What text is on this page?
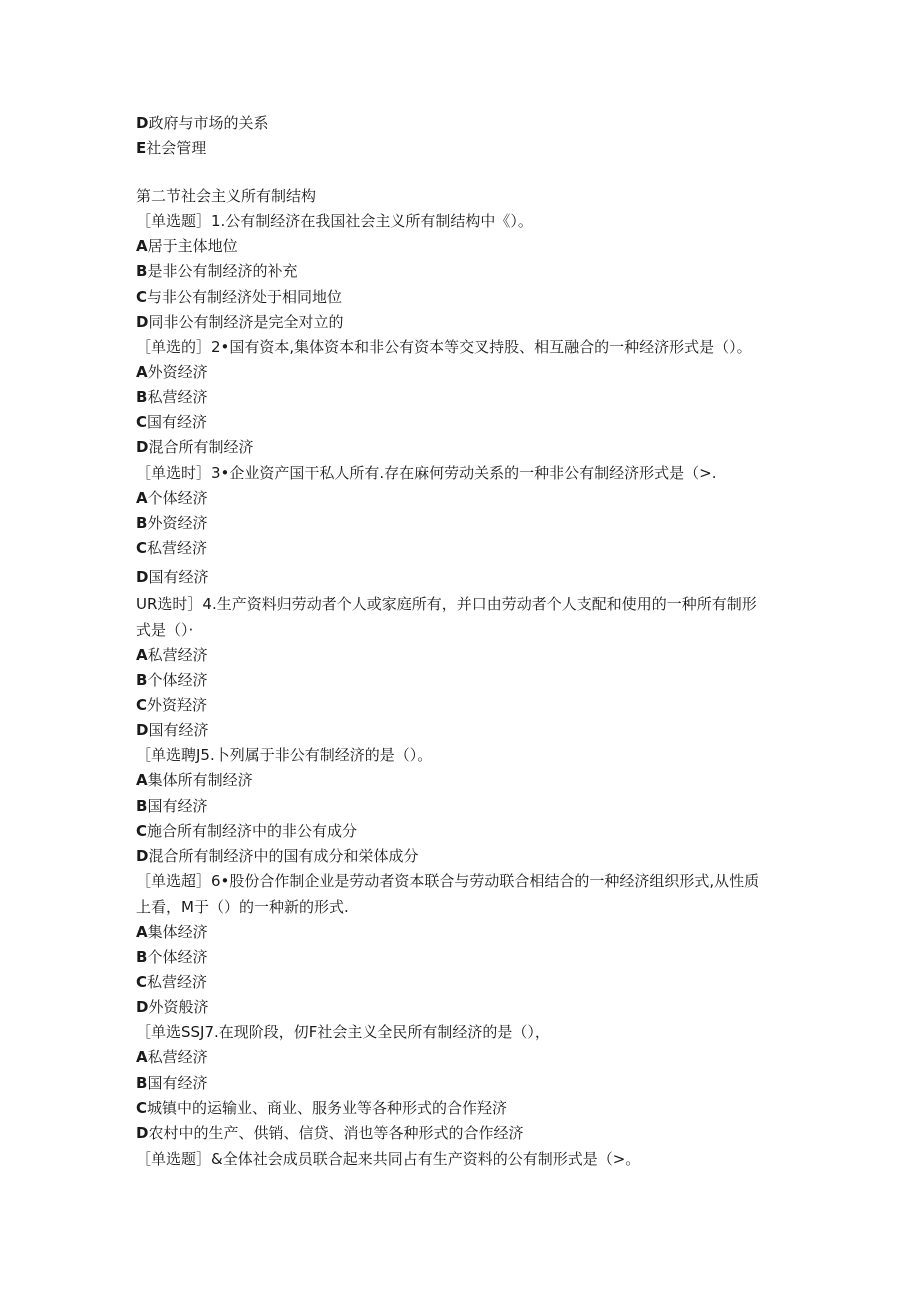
D政府与市场的关系
E社会管理
第二节社会主义所有制结构
［单选题］1.公有制经济在我国社会主义所有制结构中《）。
A居于主体地位
B是非公有制经济的补充
C与非公有制经济处于相同地位
D同非公有制经济是完全对立的
［单选的］2•国有资本,集体资本和非公有资本等交叉持股、相互融合的一种经济形式是（）。
A外资经济
B私营经济
C国有经济
D混合所有制经济
［单选时］3•企业资产国干私人所有.存在麻何劳动关系的一种非公有制经济形式是（>.
A个体经济
B外资经济
C私营经济
D国有经济
UR选时］4.生产资料归劳动者个人或家庭所有，并口由劳动者个人支配和使用的一种所有制形
式是（）·
A私营经济
B个体经济
C外资羟济
D国有经济
［单选聘J5.卜列属于非公有制经济的是（）。
A集体所有制经济
B国有经济
C施合所有制经济中的非公有成分
D混合所有制经济中的国有成分和栄体成分
［单选超］6•股份合作制企业是劳动者资本联合与劳动联合相结合的一种经济组织形式,从性质
上看，M于（）的一种新的形式.
A集体经济
B个体经济
C私营经济
D外资般济
［单选SSJ7.在现阶段，仞F社会主义全民所有制经济的是（），
A私营经济
B国有经济
C城镇中的运输业、商业、服务业等各种形式的合作羟济
D农村中的生产、供销、信贷、消也等各种形式的合作经济
［单选题］&全体社会成员联合起来共同占有生产资料的公有制形式是（>。
